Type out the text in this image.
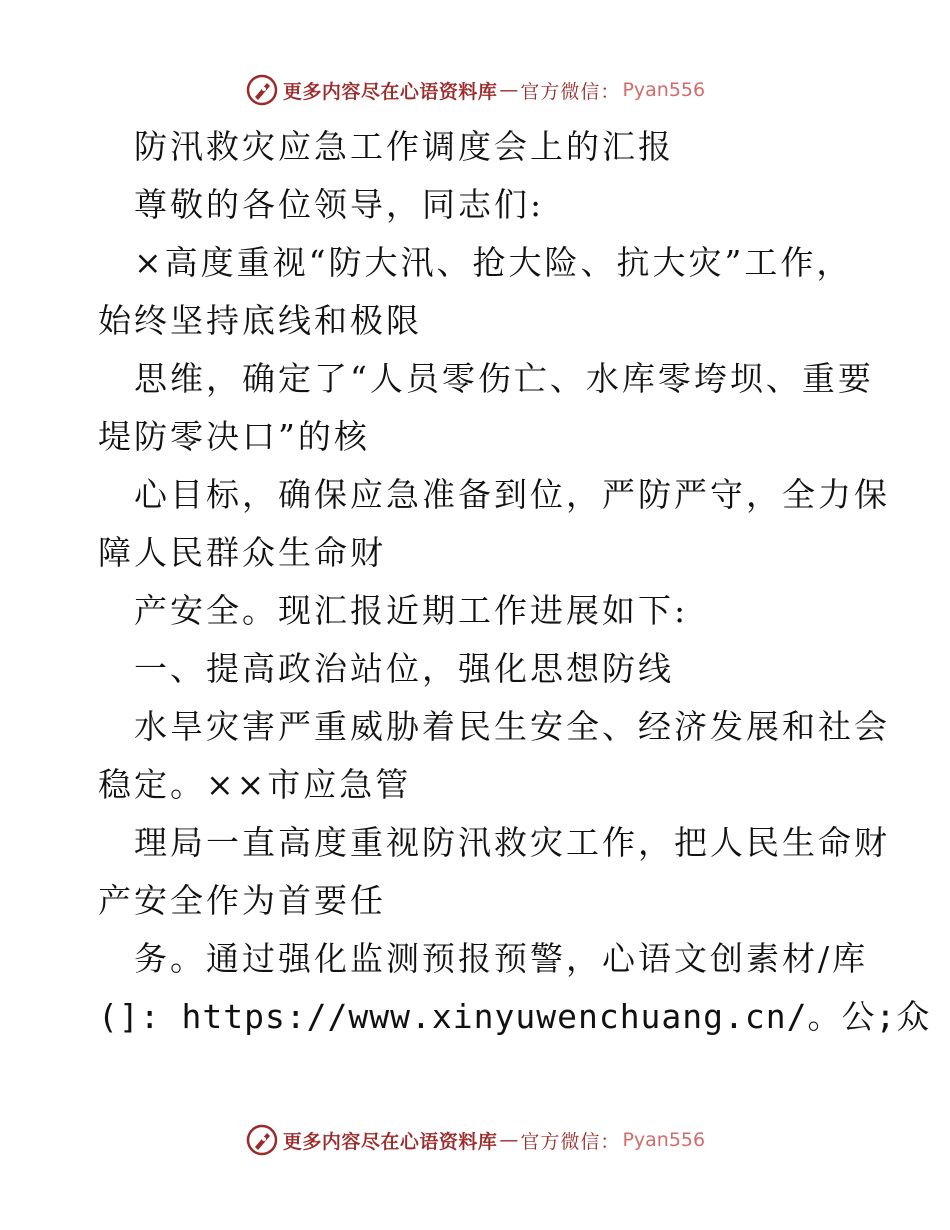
更多内容尽在心语资料库 — 官方微信： Pyan556
防汛救灾应急工作调度会上的汇报
尊敬的各位领导，同志们:
×高度重视“防大汛、抢大险、抗大灾”工作，
始终坚持底线和极限
思维，确定了“人员零伤亡、水库零垮坝、重要
堤防零决口”的核
心目标，确保应急准备到位，严防严守，全力保
障人民群众生命财
产安全。现汇报近期工作进展如下:
一、提高政治站位，强化思想防线
水旱灾害严重威胁着民生安全、经济发展和社会
稳定。××市应急管
理局一直高度重视防汛救灾工作，把人民生命财
产安全作为首要任
务。通过强化监测预报预警，心语文创素材/库
(]: https://www.xinyuwenchuang.cn/。公;众
更多内容尽在心语资料库 — 官方微信： Pyan556
